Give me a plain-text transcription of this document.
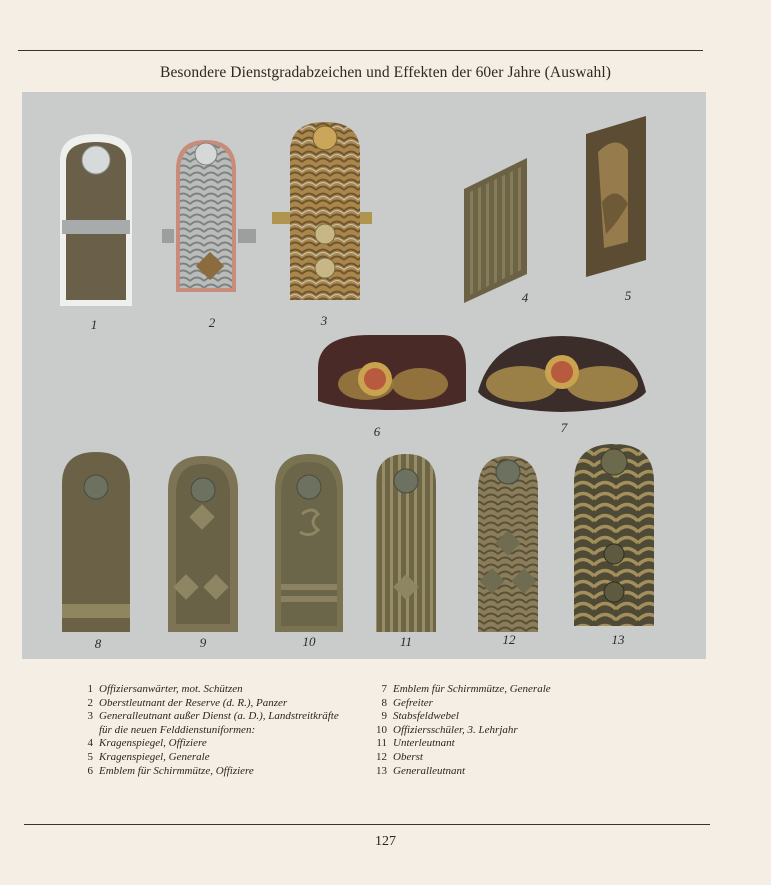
Besondere Dienstgradabzeichen und Effekten der 60er Jahre (Auswahl)
1	2	3
4	5
6	7
8	9	10	11	12	13
1 Offiziersanwärter, mot. Schützen
2 Oberstleutnant der Reserve (d. R.), Panzer
3 Generalleutnant außer Dienst (a. D.), Landstreitkräfte
für die neuen Felddienstuniformen:
4 Kragenspiegel, Offiziere
5 Kragenspiegel, Generale
6 Emblem für Schirmmütze, Offiziere
7 Emblem für Schirmmütze, Generale
8 Gefreiter
9 Stabsfeldwebel
10 Offiziersschüler, 3. Lehrjahr
11 Unterleutnant
12 Oberst
13 Generalleutnant
127
